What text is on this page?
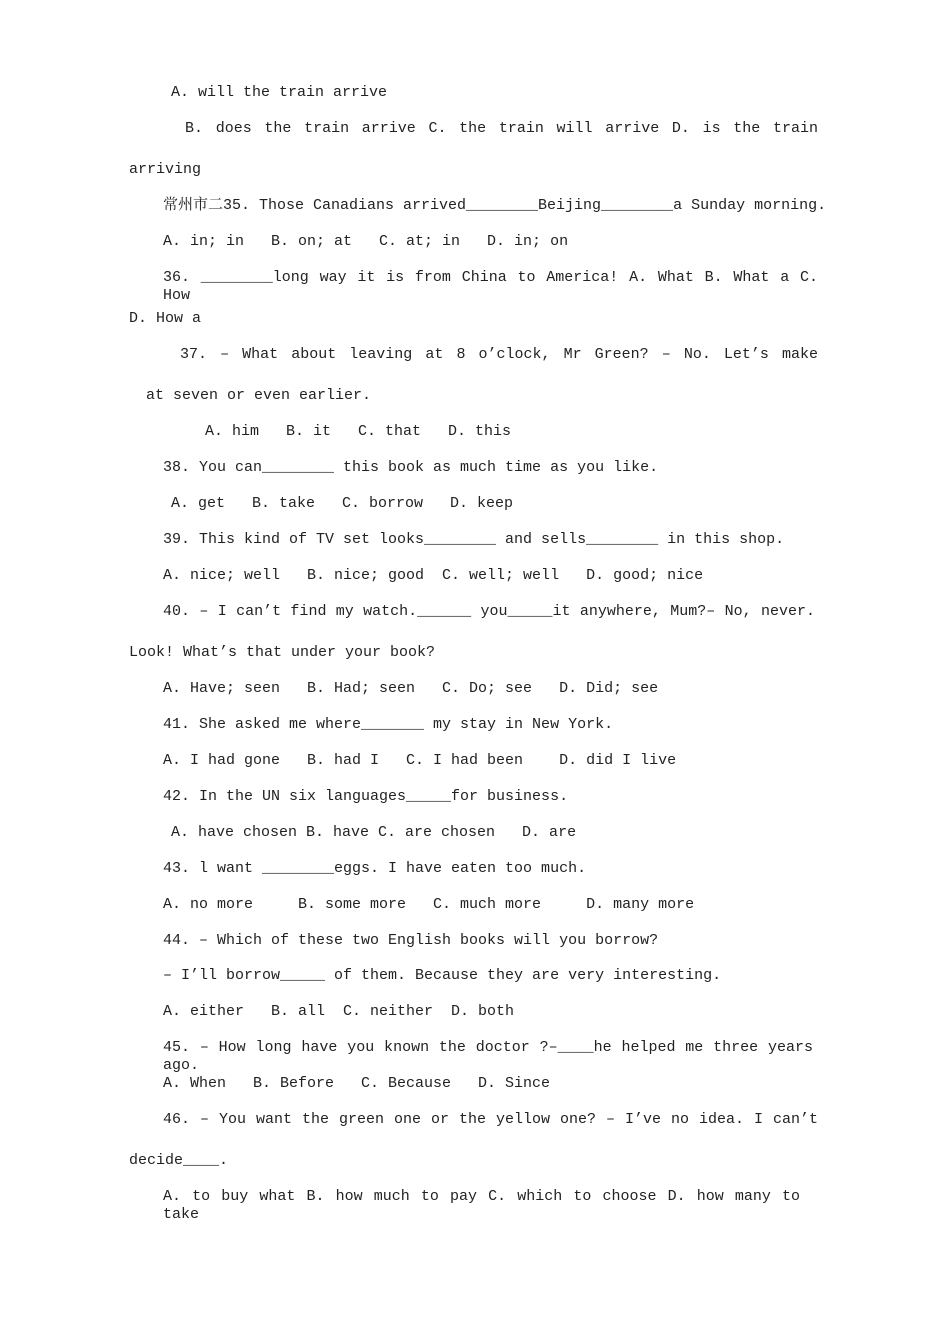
A. will the train arrive
B. does the train arrive C. the train will arrive D. is the train
arriving
常州市二35. Those Canadians arrived________Beijing________a Sunday morning.
A. in; in   B. on; at   C. at; in   D. in; on
36. ________long way it is from China to America! A. What B. What a C. How
D. How a
37. – What about leaving at 8 o’clock, Mr Green? – No. Let’s make
at seven or even earlier.
A. him   B. it   C. that   D. this
38. You can________ this book as much time as you like.
A. get   B. take   C. borrow   D. keep
39. This kind of TV set looks________ and sells________ in this shop.
A. nice; well   B. nice; good  C. well; well   D. good; nice
40. – I can’t find my watch.______ you_____it anywhere, Mum?– No, never.
Look! What’s that under your book?
A. Have; seen   B. Had; seen   C. Do; see   D. Did; see
41. She asked me where_______ my stay in New York.
A. I had gone   B. had I   C. I had been    D. did I live
42. In the UN six languages_____for business.
A. have chosen B. have C. are chosen   D. are
43. l want ________eggs. I have eaten too much.
A. no more     B. some more   C. much more     D. many more
44. – Which of these two English books will you borrow?
– I’ll borrow_____ of them. Because they are very interesting.
A. either   B. all  C. neither  D. both
45. – How long have you known the doctor ?–____he helped me three years ago.
A. When   B. Before   C. Because   D. Since
46. – You want the green one or the yellow one? – I’ve no idea. I can’t
decide____.
A. to buy what B. how much to pay C. which to choose D. how many to take
